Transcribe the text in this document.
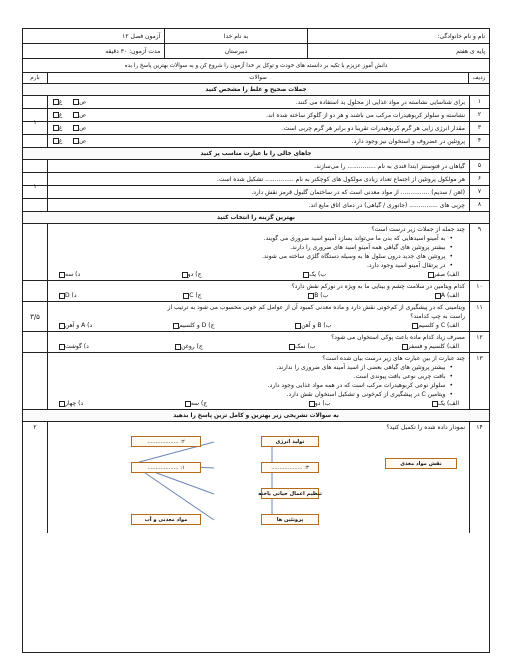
نام و نام خانوادگی:
به نام خدا
آزمون فصل ۱۲
پایه ی هفتم
دبیرستان
مدت آزمون: ۳۰ دقیقه
دانش آموز عزیزم با تکیه بر دانسته های خودت و توکل بر خدا آزمون را شروع کن و به سوالات بهترین پاسخ را بده
ردیف
سوالات
بارم
جملات صحیح و غلط را مشخص کنید
۱
برای شناسایی نشاسته در مواد غذایی از محلول ید استفاده می کنند.
ص
غ
۲
نشاسته و سلولز کربوهیدرات مرکب می باشند و هر دو از گلوکز ساخته شده اند.
ص
غ
۳
مقدار انرژی زایی هر گرم کربوهیدرات تقریبا دو برابر هر گرم چربی است.
ص
غ
۴
پروتئین در عضروف و استخوان نیز وجود دارد.
ص
غ
۱
جاهای خالی را با عبارت مناسب پر کنید
۵
گیاهان در فتوسنتز ابتدا قندی به نام ............... را می‌سازند.
۶
هر مولکول پروتئین از اجتماع تعداد زیادی مولکول های کوچکتر به نام ............... تشکیل شده است.
۷
(آهن / سدیم) ............... از مواد معدنی است که در ساختمان گلبول قرمز نقش دارد.
۸
چربی های ............... (جانوری / گیاهی) در دمای اتاق مایع اند.
۱
بهترین گزینه را انتخاب کنید
۹

چند جمله از جملات زیر درست است؟

• به آمینو اسیدهایی که بدن ما می‌تواند بسازد آمینو اسید ضروری می گویند.

• بیشتر پروتئین های گیاهی همه آمینو اسید های ضروری را دارند.

• پروتئین های جدید درون سلول ها به وسیله دستگاه گلژی ساخته می شوند.

• در پرتقال آمینو اسید وجود دارد.

الف) صفر
ب) یک
ج) دو
د) سه
۱۰

کدام ویتامین در سلامت چشم و بینایی ما به ویژه در نورکم نقش دارد؟

الف) A
ب) B
ج) C
د) D
۱۱

ویتامینی که در پیشگیری از کم‌خونی نقش دارد و ماده معدنی کمبود آن از عوامل کم خونی محسوب می شود به ترتیب از

راست به چپ کدامند؟

الف) C و کلسیم
ب) B و آهن
ج) D و کلسیم
د) A و آهن
۱۲

مصرف زیاد کدام ماده باعث پوکی استخوان می شود؟

الف) کلسیم و فسفر
ب) نمک
ج) روغن
د) گوشت
۱۳

چند عبارت از بین عبارت های زیر درست بیان شده است؟

• بیشتر پروتئین های گیاهی بعضی از اسید آمینه های ضروری را ندارند.

• بافت چربی نوعی بافت پیوندی است.

• سلولز نوعی کربوهیدرات مرکب است که در همه مواد غذایی وجود دارد.

• ویتامین C در پیشگیری از کم‌خونی و تشکیل استخوان نقش دارد.

الف) یک
ب) دو
ج) سه
د) چهار
۳/۵
به سوالات تشریحی زیر بهترین و کامل ترین پاسخ را بدهید
۱۴

نمودار داده شده را تکمیل کنید؟

نقش مواد مغذی
تولید انرژی
۳: ...................
تنظیم اعمال حیاتی یاخته
پروتئین ها
۲: ...................
۱: ...................
مواد معدنی و آب
۲
